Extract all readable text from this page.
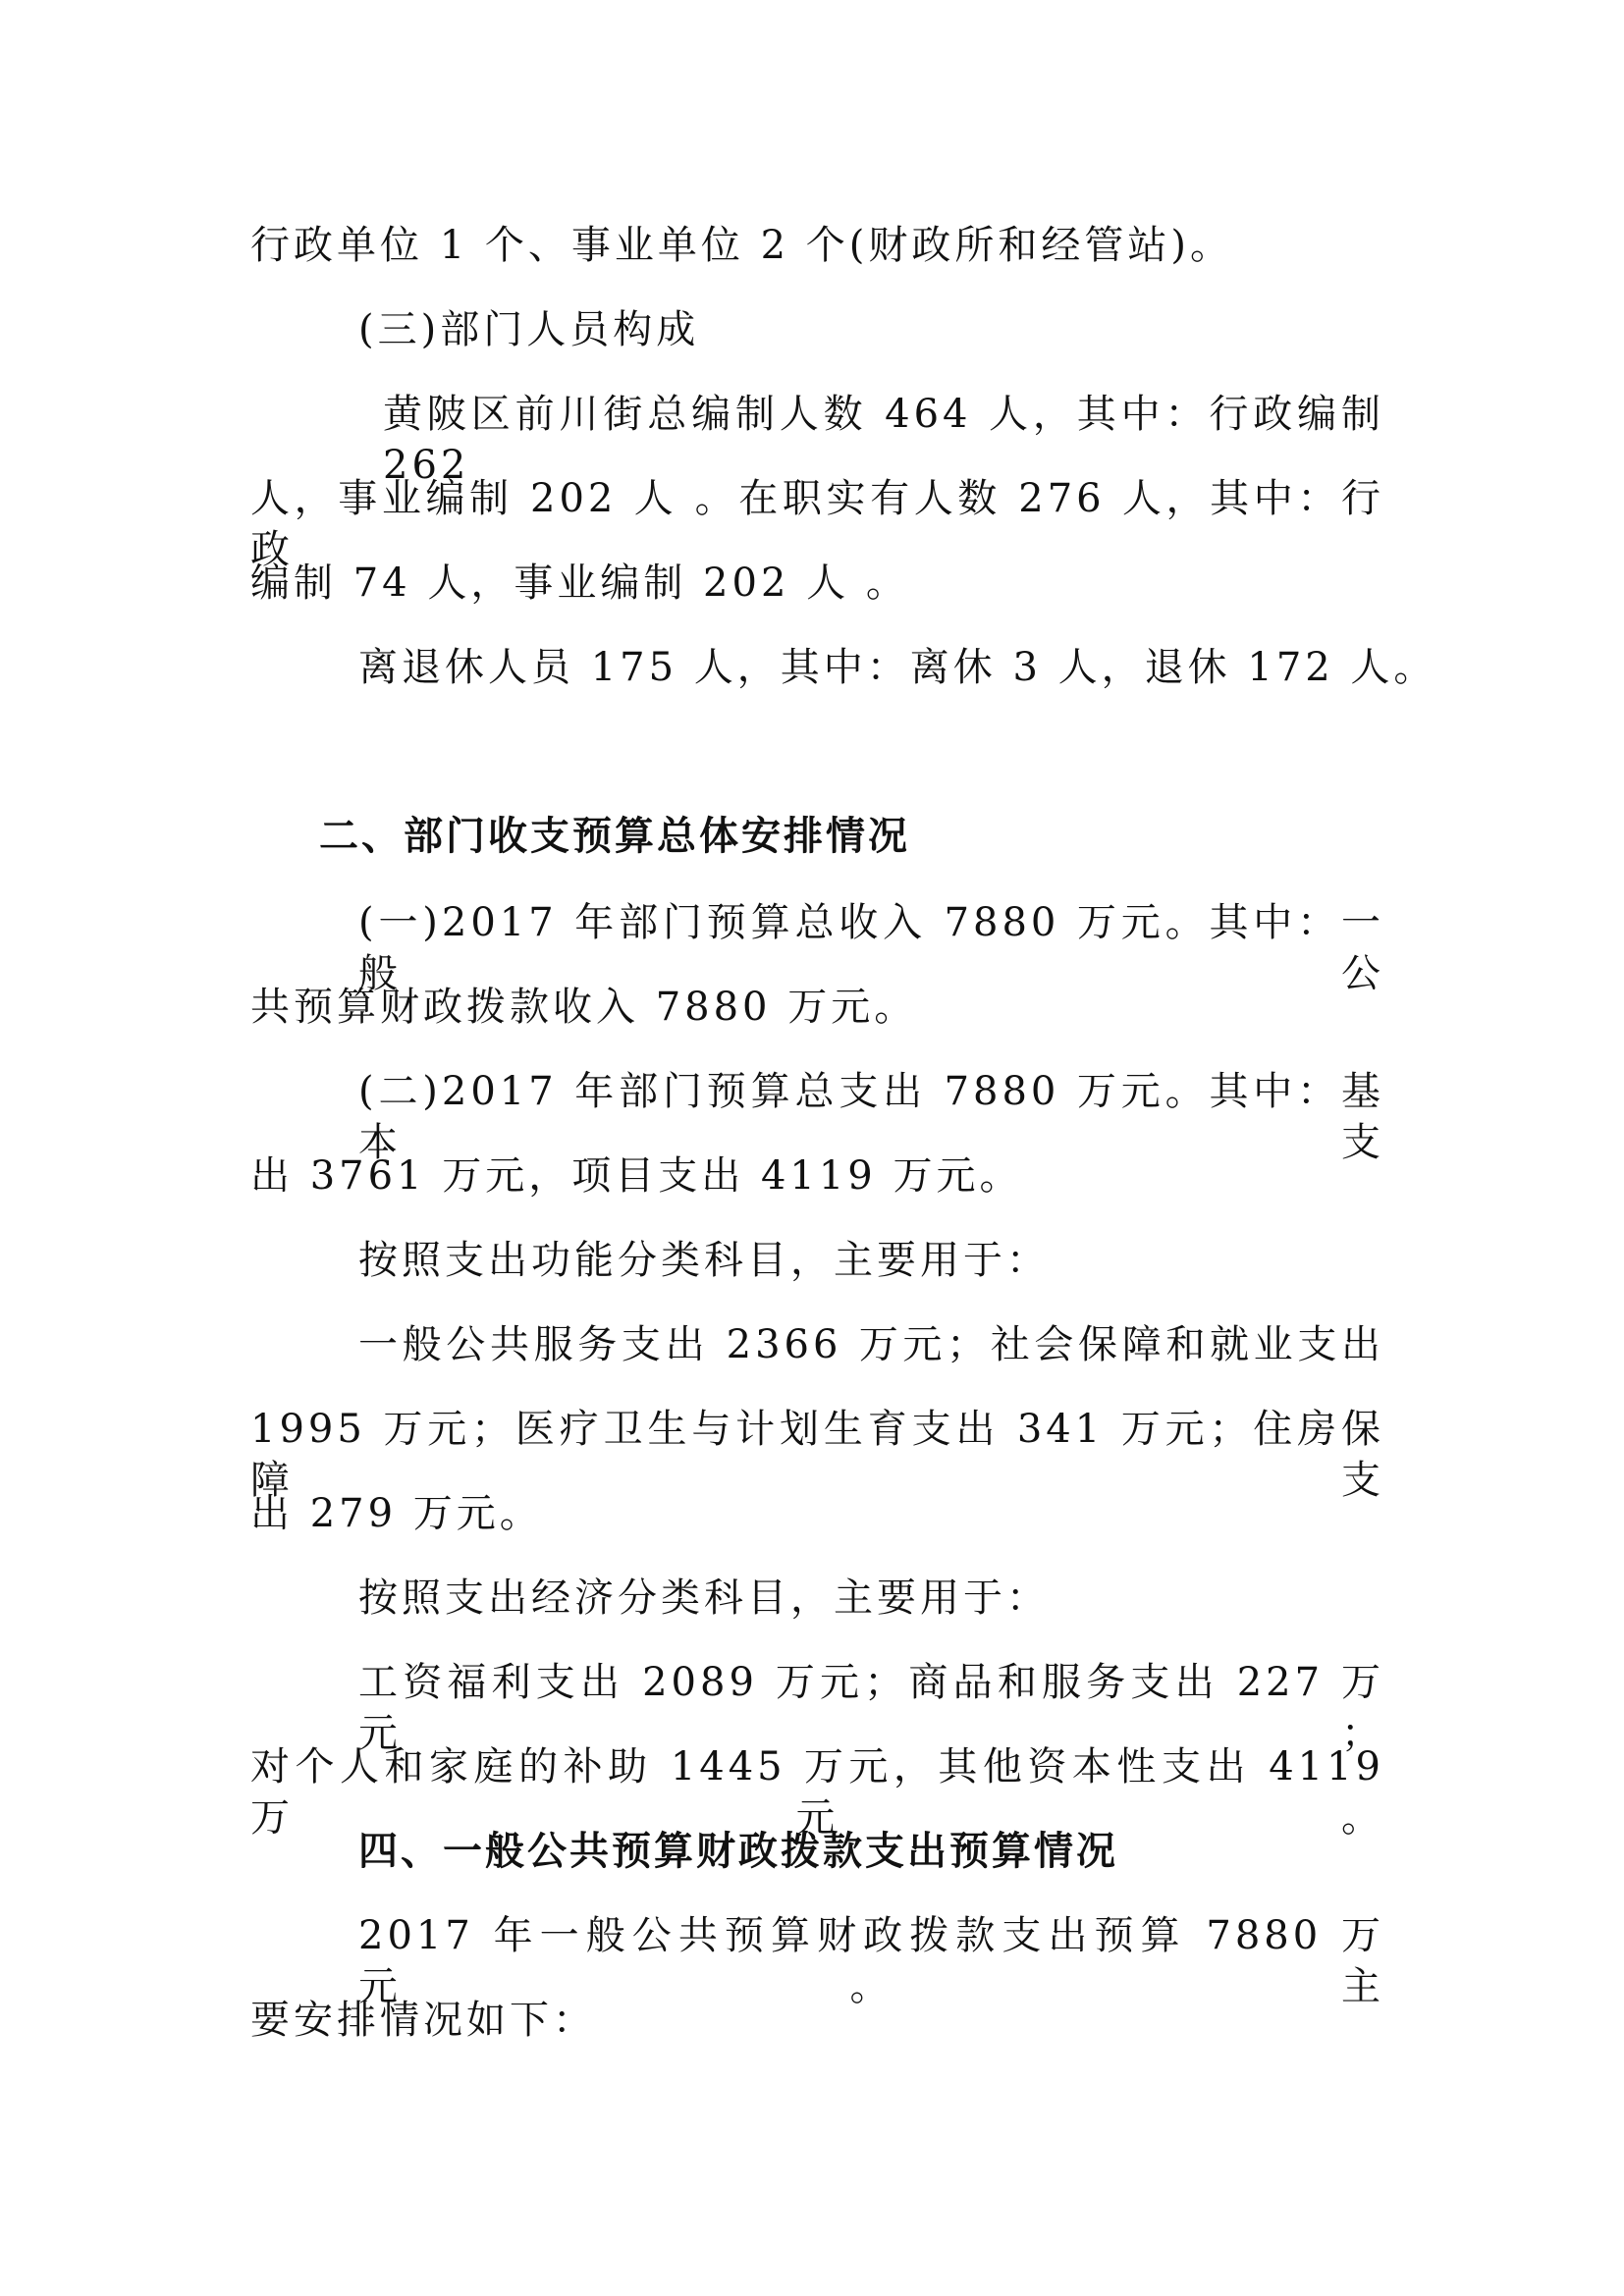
行政单位 1 个、事业单位 2 个(财政所和经管站)。
(三)部门人员构成
黄陂区前川街总编制人数 464 人，其中：行政编制 262
人，事业编制 202 人 。在职实有人数 276 人，其中：行政
编制 74 人，事业编制 202 人 。
离退休人员 175 人，其中：离休 3 人，退休 172 人。
二、部门收支预算总体安排情况
(一)2017 年部门预算总收入 7880 万元。其中：一般公
共预算财政拨款收入 7880 万元。
(二)2017 年部门预算总支出 7880 万元。其中：基本支
出 3761 万元，项目支出 4119 万元。
按照支出功能分类科目，主要用于：
一般公共服务支出 2366 万元；社会保障和就业支出
1995 万元；医疗卫生与计划生育支出 341 万元；住房保障支
出 279 万元。
按照支出经济分类科目，主要用于：
工资福利支出 2089 万元；商品和服务支出 227 万元；
对个人和家庭的补助 1445 万元，其他资本性支出 4119 万元。
四、一般公共预算财政拨款支出预算情况
2017 年一般公共预算财政拨款支出预算 7880 万元。主
要安排情况如下：
